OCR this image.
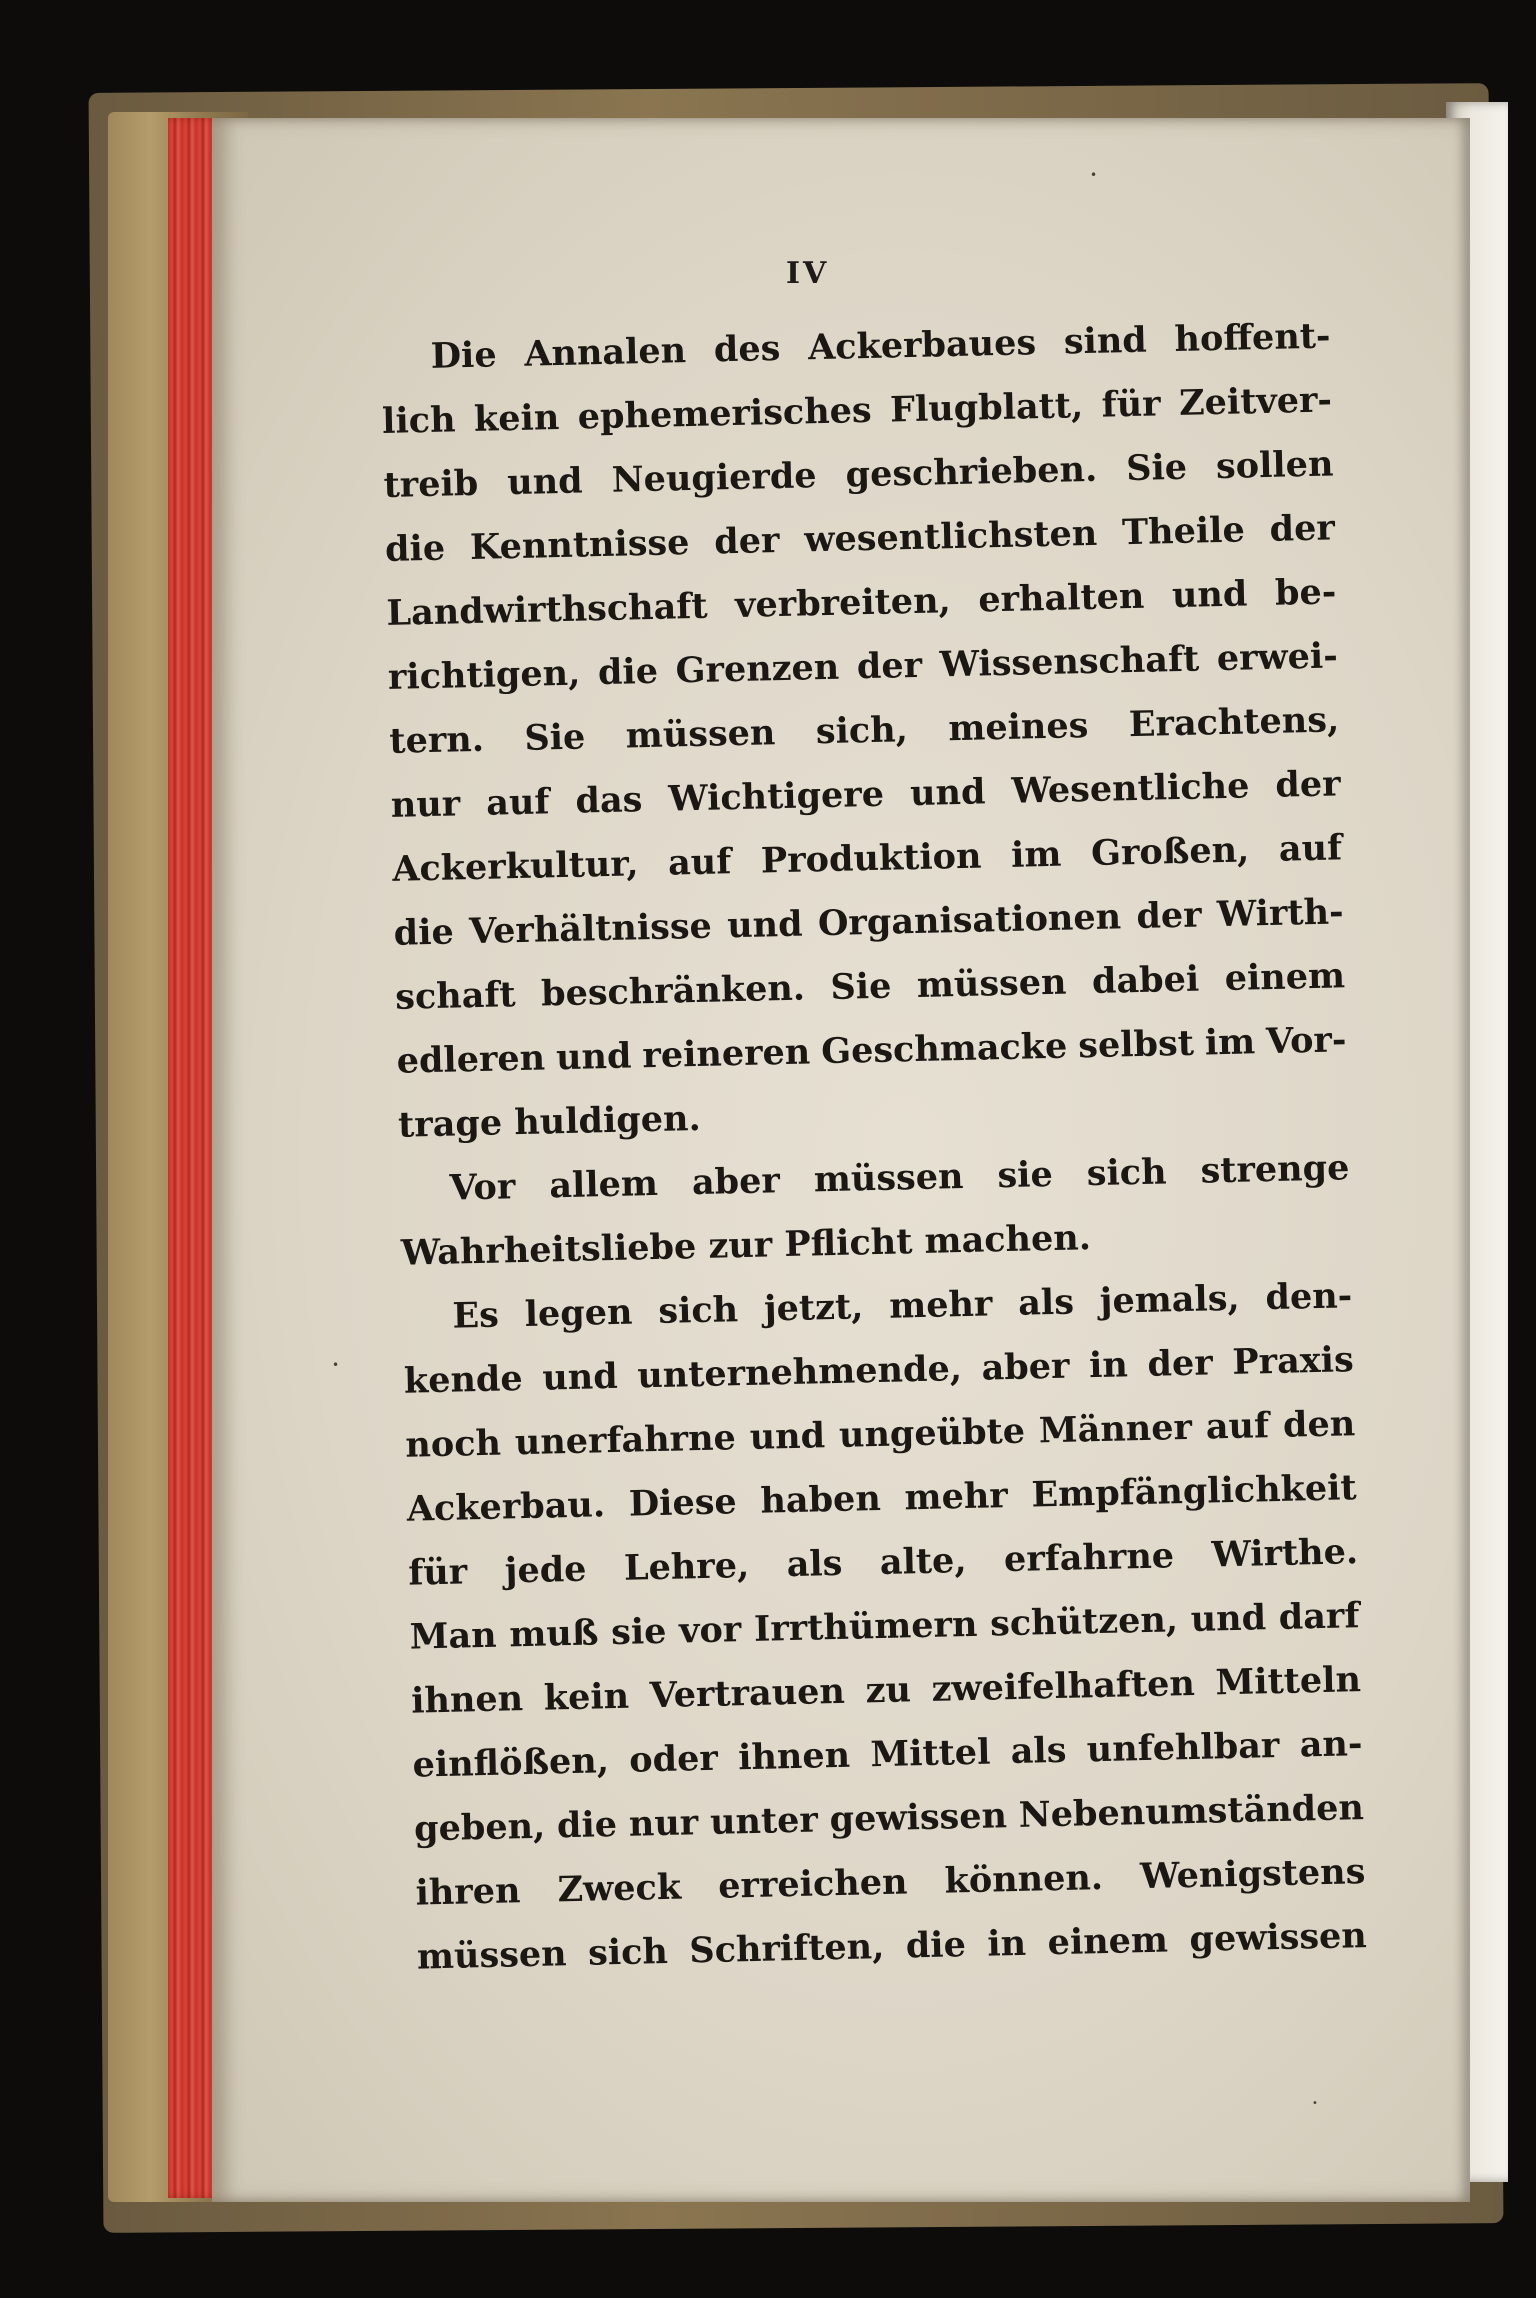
IV
•
•
•
Die Annalen des Ackerbaues sind hoffent-
lich kein ephemerisches Flugblatt, für Zeitver-
treib und Neugierde geschrieben. Sie sollen
die Kenntnisse der wesentlichsten Theile der
Landwirthschaft verbreiten, erhalten und be-
richtigen, die Grenzen der Wissenschaft erwei-
tern. Sie müssen sich, meines Erachtens,
nur auf das Wichtigere und Wesentliche der
Ackerkultur, auf Produktion im Großen, auf
die Verhältnisse und Organisationen der Wirth-
schaft beschränken. Sie müssen dabei einem
edleren und reineren Geschmacke selbst im Vor-
trage huldigen.
Vor allem aber müssen sie sich strenge
Wahrheitsliebe zur Pflicht machen.
Es legen sich jetzt, mehr als jemals, den-
kende und unternehmende, aber in der Praxis
noch unerfahrne und ungeübte Männer auf den
Ackerbau. Diese haben mehr Empfänglichkeit
für jede Lehre, als alte, erfahrne Wirthe.
Man muß sie vor Irrthümern schützen, und darf
ihnen kein Vertrauen zu zweifelhaften Mitteln
einflößen, oder ihnen Mittel als unfehlbar an-
geben, die nur unter gewissen Nebenumständen
ihren Zweck erreichen können. Wenigstens
müssen sich Schriften, die in einem gewissen
